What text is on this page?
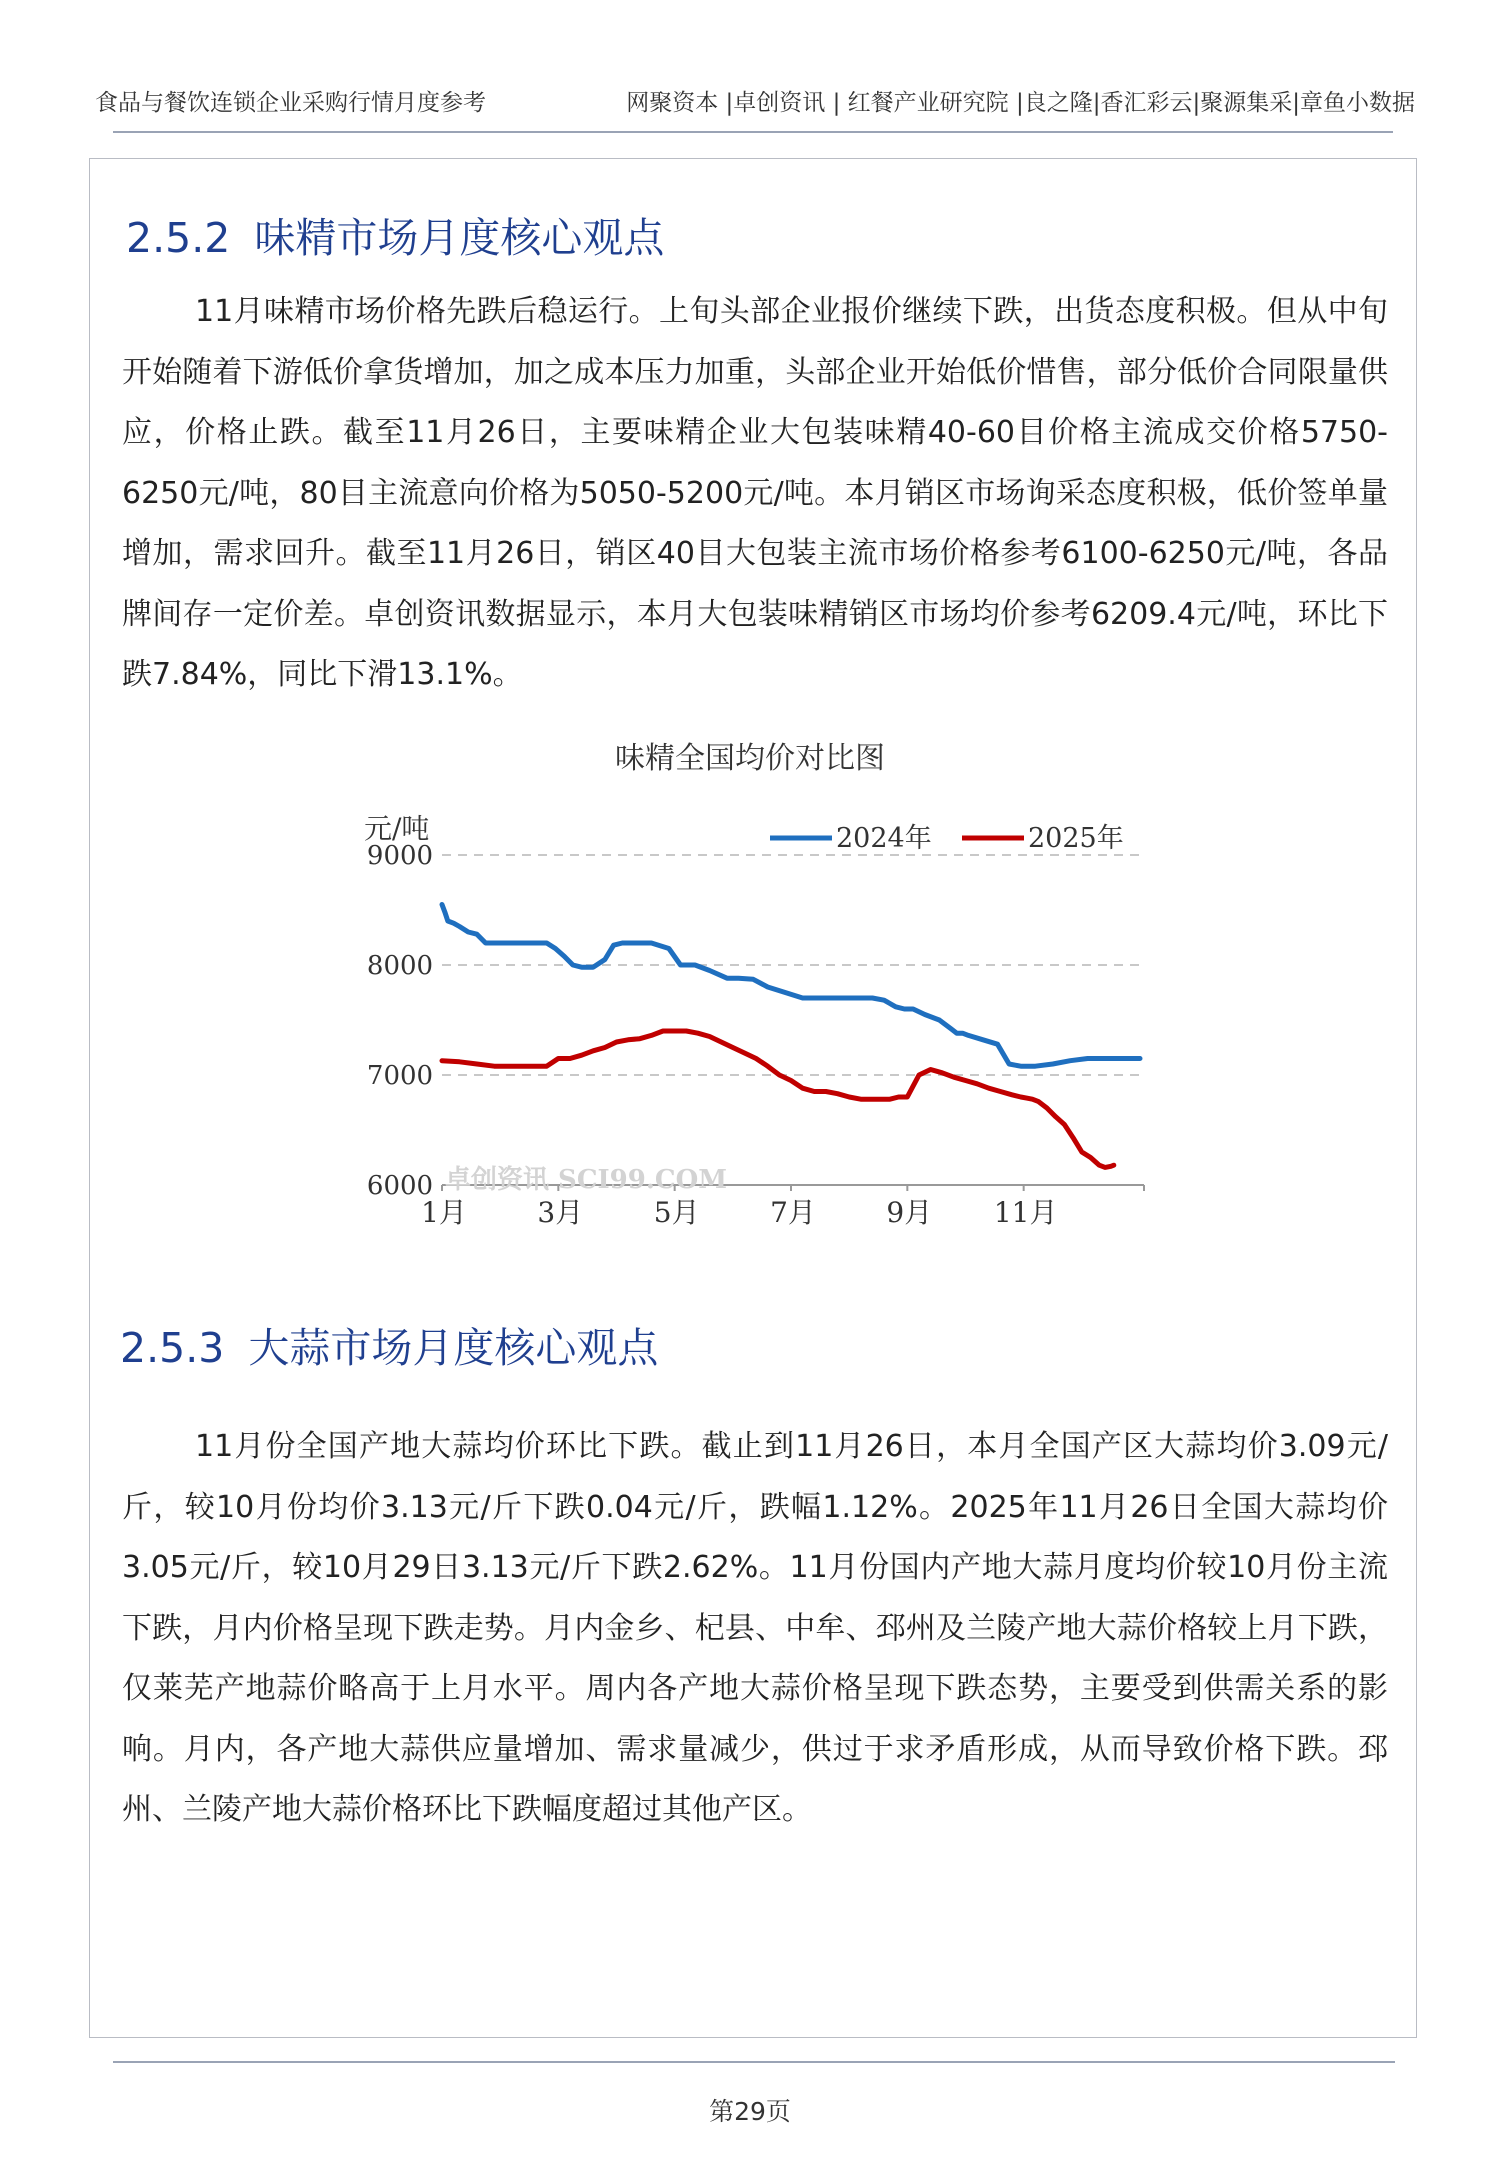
食品与餐饮连锁企业采购行情月度参考	网聚资本 |卓创资讯 | 红餐产业研究院 |良之隆|香汇彩云|聚源集采|章鱼小数据
2.5.2 味精市场月度核心观点

11月味精市场价格先跌后稳运行。上旬头部企业报价继续下跌，出货态度积极。但从中旬开始随着下游低价拿货增加，加之成本压力加重，头部企业开始低价惜售，部分低价合同限量供应，价格止跌。截至11月26日，主要味精企业大包装味精40-60目价格主流成交价格5750-6250元/吨，80目主流意向价格为5050-5200元/吨。本月销区市场询采态度积极，低价签单量增加，需求回升。截至11月26日，销区40目大包装主流市场价格参考6100-6250元/吨，各品牌间存一定价差。卓创资讯数据显示，本月大包装味精销区市场均价参考6209.4元/吨，环比下跌7.84%，同比下滑13.1%。

味精全国均价对比图
卓创资讯 SCI99.COM
6000
7000
8000
9000
1月	3月	5月	7月	9月 11月
元/吨	2024年	2025年
2.5.3 大蒜市场月度核心观点

11月份全国产地大蒜均价环比下跌。截止到11月26日，本月全国产区大蒜均价3.09元/斤，较10月份均价3.13元/斤下跌0.04元/斤，跌幅1.12%。2025年11月26日全国大蒜均价3.05元/斤，较10月29日3.13元/斤下跌2.62%。11月份国内产地大蒜月度均价较10月份主流下跌，月内价格呈现下跌走势。月内金乡、杞县、中牟、邳州及兰陵产地大蒜价格较上月下跌，仅莱芜产地蒜价略高于上月水平。周内各产地大蒜价格呈现下跌态势，主要受到供需关系的影响。月内，各产地大蒜供应量增加、需求量减少，供过于求矛盾形成，从而导致价格下跌。邳州、兰陵产地大蒜价格环比下跌幅度超过其他产区。

第29页
